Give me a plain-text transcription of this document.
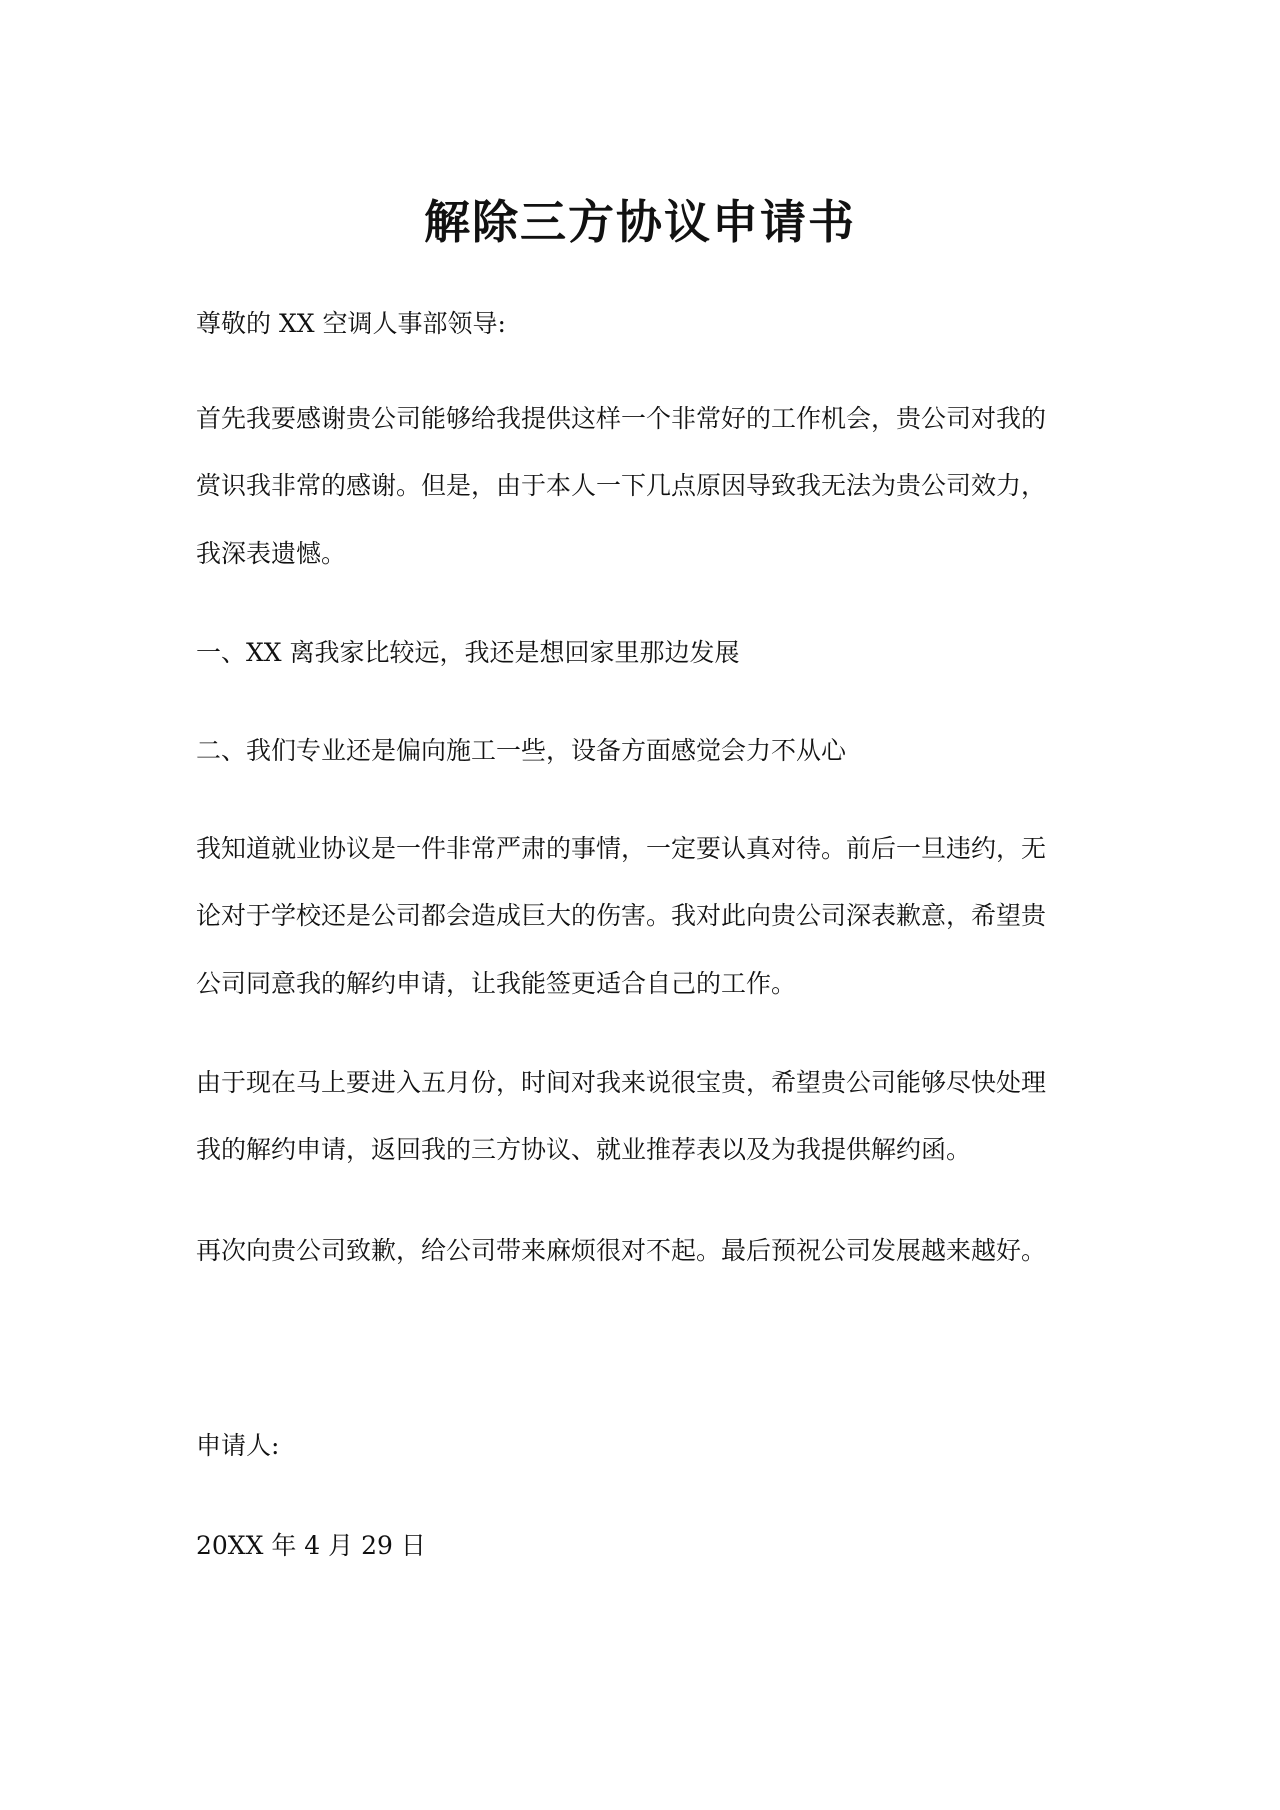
解除三方协议申请书
尊敬的 XX 空调人事部领导:
首先我要感谢贵公司能够给我提供这样一个非常好的工作机会，贵公司对我的
赏识我非常的感谢。但是，由于本人一下几点原因导致我无法为贵公司效力，
我深表遗憾。
一、XX 离我家比较远，我还是想回家里那边发展
二、我们专业还是偏向施工一些，设备方面感觉会力不从心
我知道就业协议是一件非常严肃的事情，一定要认真对待。前后一旦违约，无
论对于学校还是公司都会造成巨大的伤害。我对此向贵公司深表歉意，希望贵
公司同意我的解约申请，让我能签更适合自己的工作。
由于现在马上要进入五月份，时间对我来说很宝贵，希望贵公司能够尽快处理
我的解约申请，返回我的三方协议、就业推荐表以及为我提供解约函。
再次向贵公司致歉，给公司带来麻烦很对不起。最后预祝公司发展越来越好。
申请人:
20XX 年 4 月 29 日
